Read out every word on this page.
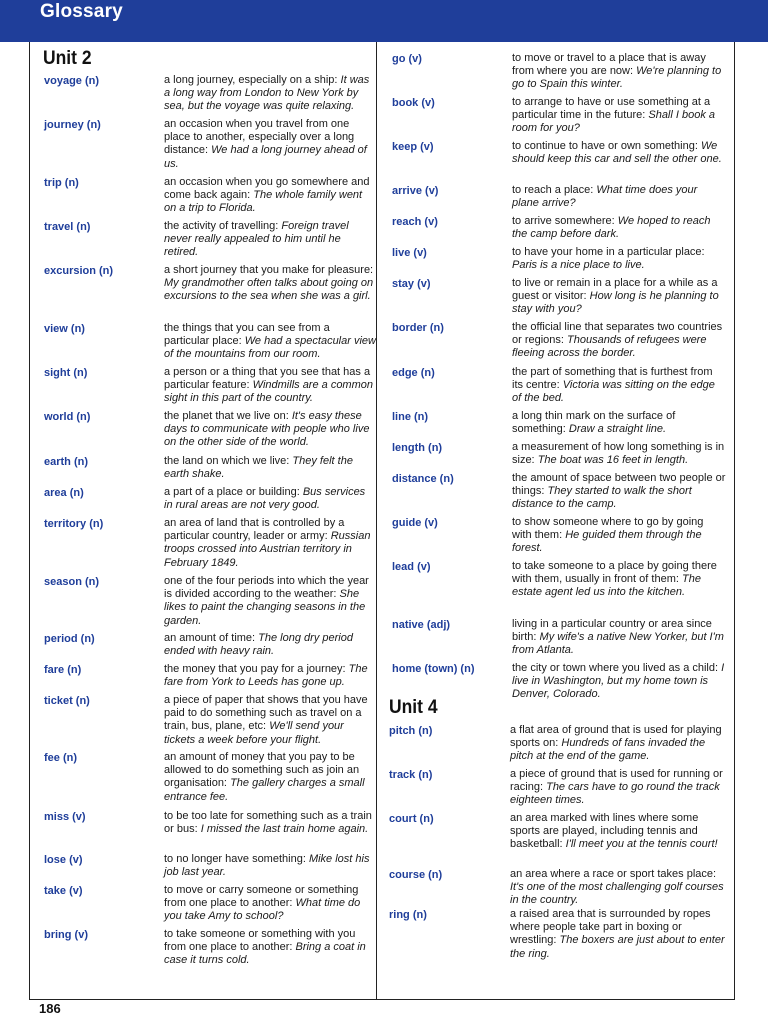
Glossary
Unit 2
Unit 4
voyage (n)	a long journey, especially on a ship: It was a long way from London to New York by sea, but the voyage was quite relaxing.
journey (n)	an occasion when you travel from one place to another, especially over a long distance: We had a long journey ahead of us.
trip (n)	an occasion when you go somewhere and come back again: The whole family went on a trip to Florida.
travel (n)	the activity of travelling: Foreign travel never really appealed to him until he retired.
excursion (n)	a short journey that you make for pleasure: My grandmother often talks about going on excursions to the sea when she was a girl.
view (n)	the things that you can see from a particular place: We had a spectacular view of the mountains from our room.
sight (n)	a person or a thing that you see that has a particular feature: Windmills are a common sight in this part of the country.
world (n)	the planet that we live on: It's easy these days to communicate with people who live on the other side of the world.
earth (n)	the land on which we live: They felt the earth shake.
area (n)	a part of a place or building: Bus services in rural areas are not very good.
territory (n)	an area of land that is controlled by a particular country, leader or army: Russian troops crossed into Austrian territory in February 1849.
season (n)	one of the four periods into which the year is divided according to the weather: She likes to paint the changing seasons in the garden.
period (n)	an amount of time: The long dry period ended with heavy rain.
fare (n)	the money that you pay for a journey: The fare from York to Leeds has gone up.
ticket (n)	a piece of paper that shows that you have paid to do something such as travel on a train, bus, plane, etc: We'll send your tickets a week before your flight.
fee (n)	an amount of money that you pay to be allowed to do something such as join an organisation: The gallery charges a small entrance fee.
miss (v)	to be too late for something such as a train or bus: I missed the last train home again.
lose (v)	to no longer have something: Mike lost his job last year.
take (v)	to move or carry someone or something from one place to another: What time do you take Amy to school?
bring (v)	to take someone or something with you from one place to another: Bring a coat in case it turns cold.
go (v)	to move or travel to a place that is away from where you are now: We're planning to go to Spain this winter.
book (v)	to arrange to have or use something at a particular time in the future: Shall I book a room for you?
keep (v)	to continue to have or own something: We should keep this car and sell the other one.
arrive (v)	to reach a place: What time does your plane arrive?
reach (v)	to arrive somewhere: We hoped to reach the camp before dark.
live (v)	to have your home in a particular place: Paris is a nice place to live.
stay (v)	to live or remain in a place for a while as a guest or visitor: How long is he planning to stay with you?
border (n)	the official line that separates two countries or regions: Thousands of refugees were fleeing across the border.
edge (n)	the part of something that is furthest from its centre: Victoria was sitting on the edge of the bed.
line (n)	a long thin mark on the surface of something: Draw a straight line.
length (n)	a measurement of how long something is in size: The boat was 16 feet in length.
distance (n)	the amount of space between two people or things: They started to walk the short distance to the camp.
guide (v)	to show someone where to go by going with them: He guided them through the forest.
lead (v)	to take someone to a place by going there with them, usually in front of them: The estate agent led us into the kitchen.
native (adj)	living in a particular country or area since birth: My wife's a native New Yorker, but I'm from Atlanta.
home (town) (n)	the city or town where you lived as a child: I live in Washington, but my home town is Denver, Colorado.
pitch (n)	a flat area of ground that is used for playing sports on: Hundreds of fans invaded the pitch at the end of the game.
track (n)	a piece of ground that is used for running or racing: The cars have to go round the track eighteen times.
court (n)	an area marked with lines where some sports are played, including tennis and basketball: I'll meet you at the tennis court!
course (n)	an area where a race or sport takes place: It's one of the most challenging golf courses in the country.
ring (n)	a raised area that is surrounded by ropes where people take part in boxing or wrestling: The boxers are just about to enter the ring.
186
